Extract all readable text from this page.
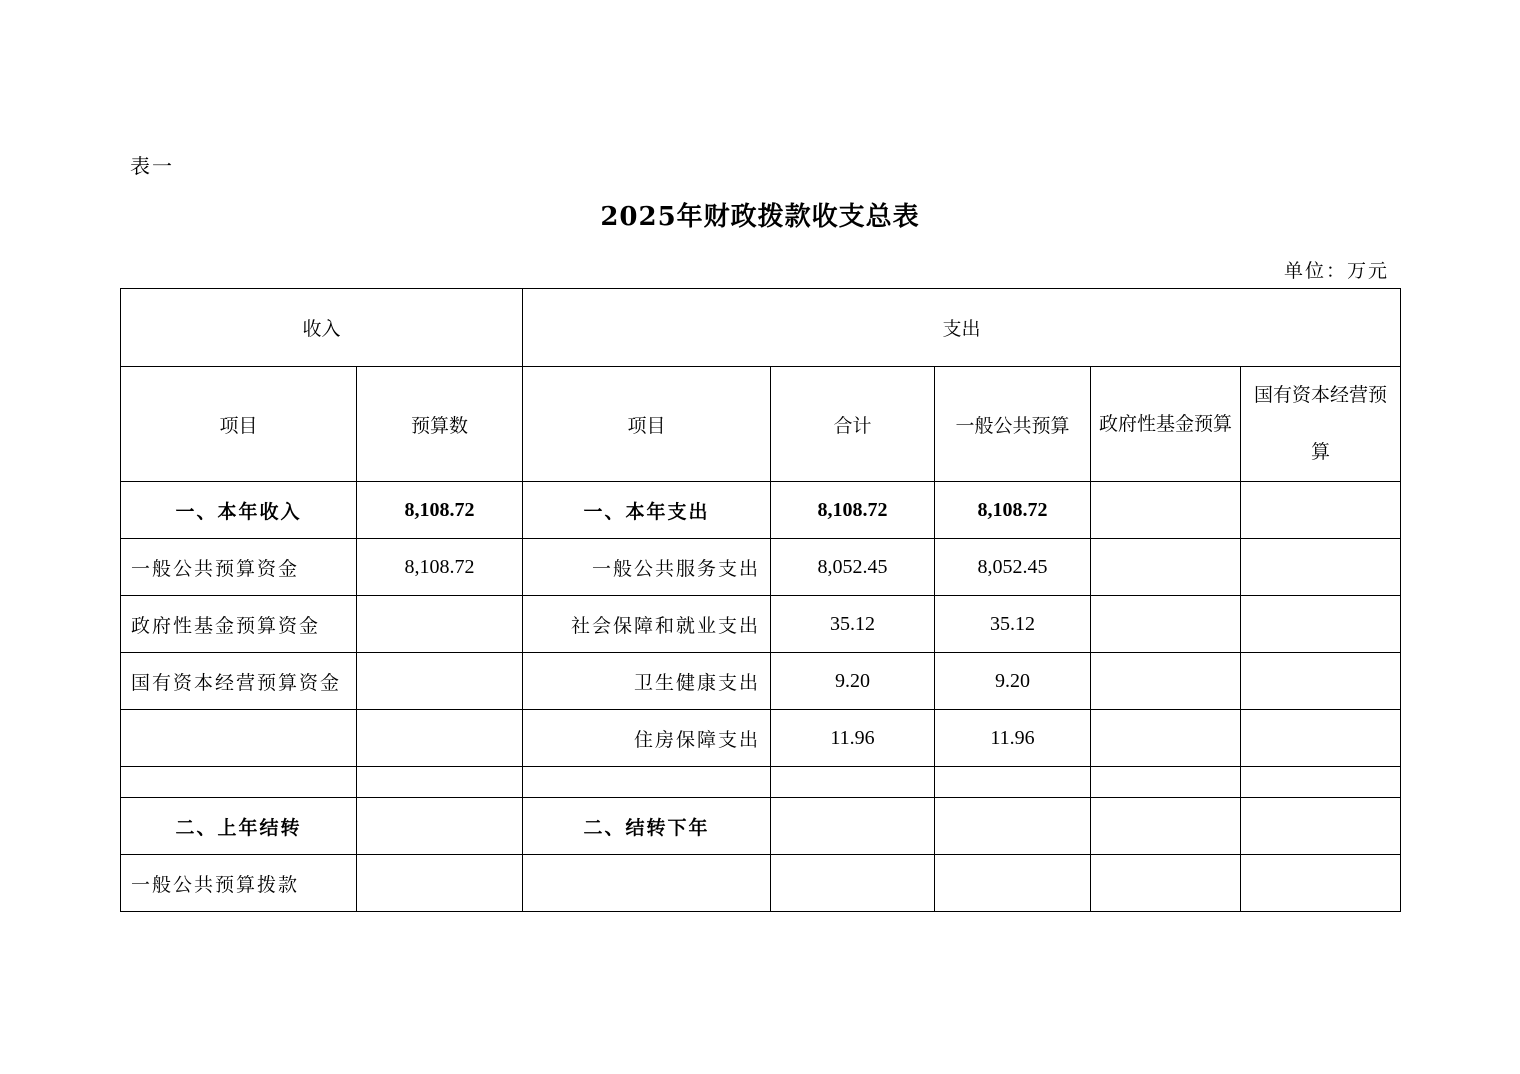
表一
2025年财政拨款收支总表
单位：万元
收入		支出				
项目	预算数	项目	合计	一般公共预算	政府性基金预算	国有资本经营预算
一、本年收入	8,108.72	一、本年支出	8,108.72	8,108.72		
一般公共预算资金	8,108.72	一般公共服务支出	8,052.45	8,052.45		
政府性基金预算资金		社会保障和就业支出	35.12	35.12		
国有资本经营预算资金		卫生健康支出	9.20	9.20		
		住房保障支出	11.96	11.96		

二、上年结转		二、结转下年				
一般公共预算拨款						
